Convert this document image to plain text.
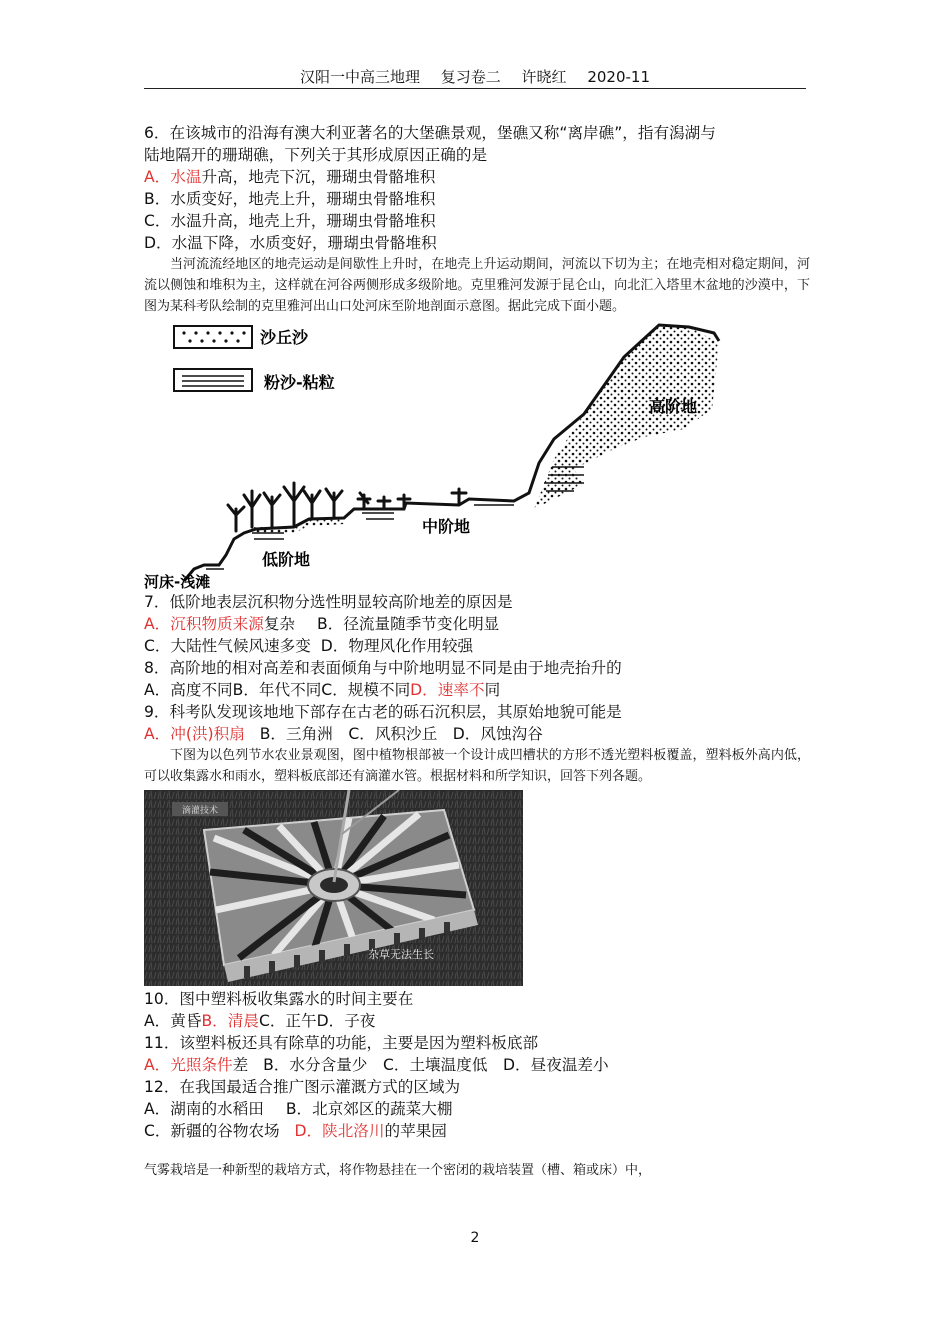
汉阳一中高三地理 复习卷二 许晓红 2020-11

6．在该城市的沿海有澳大利亚著名的大堡礁景观，堡礁又称“离岸礁”，指有潟湖与

陆地隔开的珊瑚礁，下列关于其形成原因正确的是

A．水温升高，地壳下沉，珊瑚虫骨骼堆积

B．水质变好，地壳上升，珊瑚虫骨骼堆积

C．水温升高，地壳上升，珊瑚虫骨骼堆积

D．水温下降，水质变好，珊瑚虫骨骼堆积

当河流流经地区的地壳运动是间歇性上升时，在地壳上升运动期间，河流以下切为主；在地壳相对稳定期间，河流以侧蚀和堆积为主，这样就在河谷两侧形成多级阶地。克里雅河发源于昆仑山，向北汇入塔里木盆地的沙漠中，下图为某科考队绘制的克里雅河出山口处河床至阶地剖面示意图。据此完成下面小题。

沙丘沙
粉沙-粘粒
高阶地
中阶地
低阶地
河床-浅滩

7．低阶地表层沉积物分选性明显较高阶地差的原因是

A．沉积物质来源复杂 B．径流量随季节变化明显

C．大陆性气候风速多变 D．物理风化作用较强

8．高阶地的相对高差和表面倾角与中阶地明显不同是由于地壳抬升的

A．高度不同B．年代不同C．规模不同D．速率不同

9．科考队发现该地地下部存在古老的砾石沉积层，其原始地貌可能是

A．冲(洪)积扇 B．三角洲　C．风积沙丘　D．风蚀沟谷

下图为以色列节水农业景观图，图中植物根部被一个设计成凹槽状的方形不透光塑料板覆盖，塑料板外高内低，可以收集露水和雨水，塑料板底部还有滴灌水管。根据材料和所学知识，回答下列各题。

滴灌技术
杂草无法生长

10．图中塑料板收集露水的时间主要在

A．黄昏B．清晨C．正午D．子夜

11．该塑料板还具有除草的功能，主要是因为塑料板底部

A．光照条件差 B．水分含量少　C．土壤温度低　D．昼夜温差小

12．在我国最适合推广图示灌溉方式的区域为

A．湖南的水稻田 B．北京郊区的蔬菜大棚

C．新疆的谷物农场 D．陕北洛川的苹果园

气雾栽培是一种新型的栽培方式，将作物悬挂在一个密闭的栽培装置（槽、箱或床）中，

2
